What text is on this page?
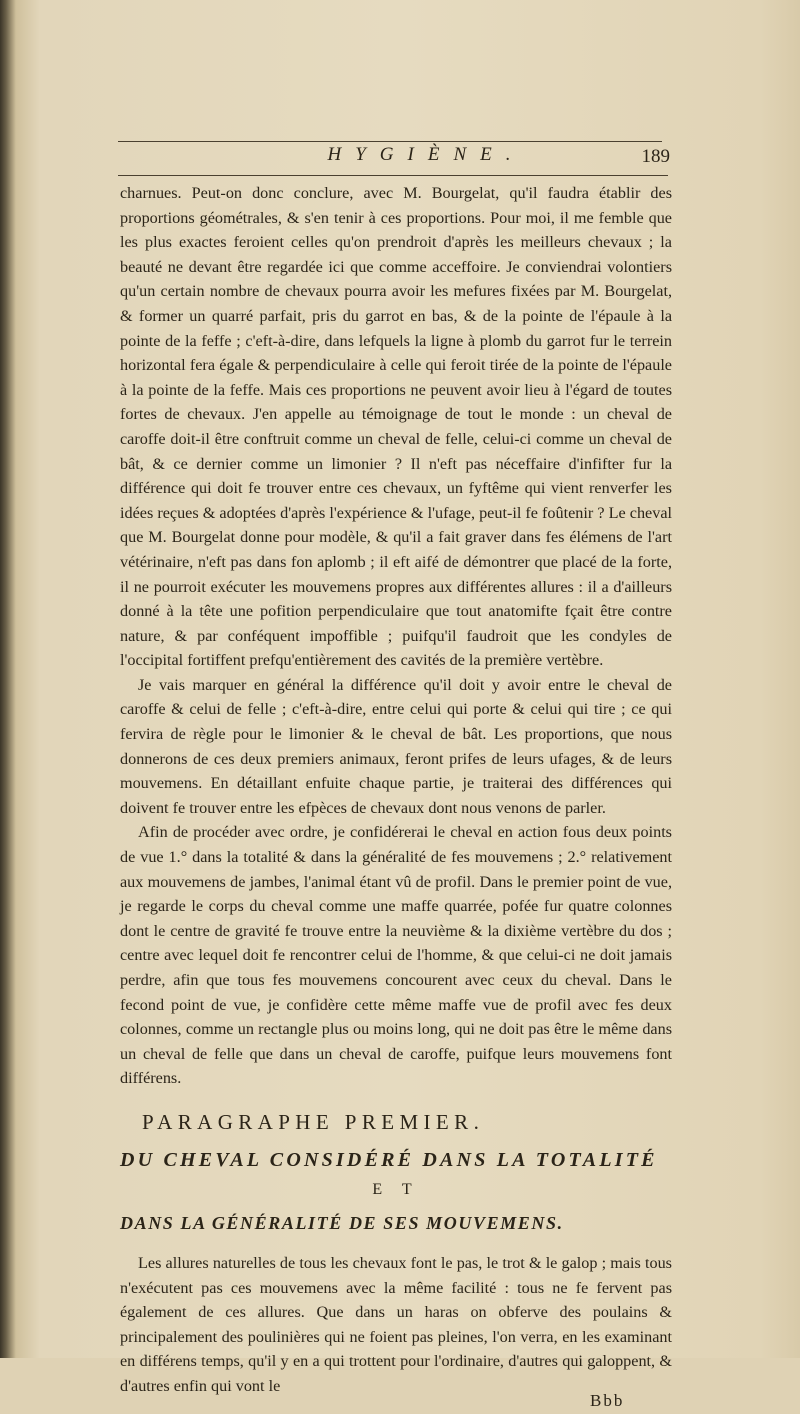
HYGIÈNE.	189

charnues. Peut-on donc conclure, avec M. Bourgelat, qu'il faudra établir des proportions géométrales, & s'en tenir à ces proportions. Pour moi, il me femble que les plus exactes feroient celles qu'on prendroit d'après les meilleurs chevaux ; la beauté ne devant être regardée ici que comme acceffoire. Je conviendrai volontiers qu'un certain nombre de chevaux pourra avoir les mefures fixées par M. Bourgelat, & former un quarré parfait, pris du garrot en bas, & de la pointe de l'épaule à la pointe de la feffe ; c'eft-à-dire, dans lefquels la ligne à plomb du garrot fur le terrein horizontal fera égale & perpendiculaire à celle qui feroit tirée de la pointe de l'épaule à la pointe de la feffe. Mais ces proportions ne peuvent avoir lieu à l'égard de toutes fortes de chevaux. J'en appelle au témoignage de tout le monde : un cheval de caroffe doit-il être conftruit comme un cheval de felle, celui-ci comme un cheval de bât, & ce dernier comme un limonier ? Il n'eft pas néceffaire d'infifter fur la différence qui doit fe trouver entre ces chevaux, un fyftême qui vient renverfer les idées reçues & adoptées d'après l'expérience & l'ufage, peut-il fe foûtenir ? Le cheval que M. Bourgelat donne pour modèle, & qu'il a fait graver dans fes élémens de l'art vétérinaire, n'eft pas dans fon aplomb ; il eft aifé de démontrer que placé de la forte, il ne pourroit exécuter les mouvemens propres aux différentes allures : il a d'ailleurs donné à la tête une pofition perpendiculaire que tout anatomifte fçait être contre nature, & par conféquent impoffible ; puifqu'il faudroit que les condyles de l'occipital fortiffent prefqu'entièrement des cavités de la première vertèbre.

Je vais marquer en général la différence qu'il doit y avoir entre le cheval de caroffe & celui de felle ; c'eft-à-dire, entre celui qui porte & celui qui tire ; ce qui fervira de règle pour le limonier & le cheval de bât. Les proportions, que nous donnerons de ces deux premiers animaux, feront prifes de leurs ufages, & de leurs mouvemens. En détaillant enfuite chaque partie, je traiterai des différences qui doivent fe trouver entre les efpèces de chevaux dont nous venons de parler.

Afin de procéder avec ordre, je confidérerai le cheval en action fous deux points de vue 1.° dans la totalité & dans la généralité de fes mouvemens ; 2.° relativement aux mouvemens de jambes, l'animal étant vû de profil. Dans le premier point de vue, je regarde le corps du cheval comme une maffe quarrée, pofée fur quatre colonnes dont le centre de gravité fe trouve entre la neuvième & la dixième vertèbre du dos ; centre avec lequel doit fe rencontrer celui de l'homme, & que celui-ci ne doit jamais perdre, afin que tous fes mouvemens concourent avec ceux du cheval. Dans le fecond point de vue, je confidère cette même maffe vue de profil avec fes deux colonnes, comme un rectangle plus ou moins long, qui ne doit pas être le même dans un cheval de felle que dans un cheval de caroffe, puifque leurs mouvemens font différens.

PARAGRAPHE PREMIER.
DU CHEVAL CONSIDÉRÉ DANS LA TOTALITÉ
E T
DANS LA GÉNÉRALITÉ DE SES MOUVEMENS.

Les allures naturelles de tous les chevaux font le pas, le trot & le galop ; mais tous n'exécutent pas ces mouvemens avec la même facilité : tous ne fe fervent pas également de ces allures. Que dans un haras on obferve des poulains & principalement des poulinières qui ne foient pas pleines, l'on verra, en les examinant en différens temps, qu'il y en a qui trottent pour l'ordinaire, d'autres qui galoppent, & d'autres enfin qui vont le

Bbb
